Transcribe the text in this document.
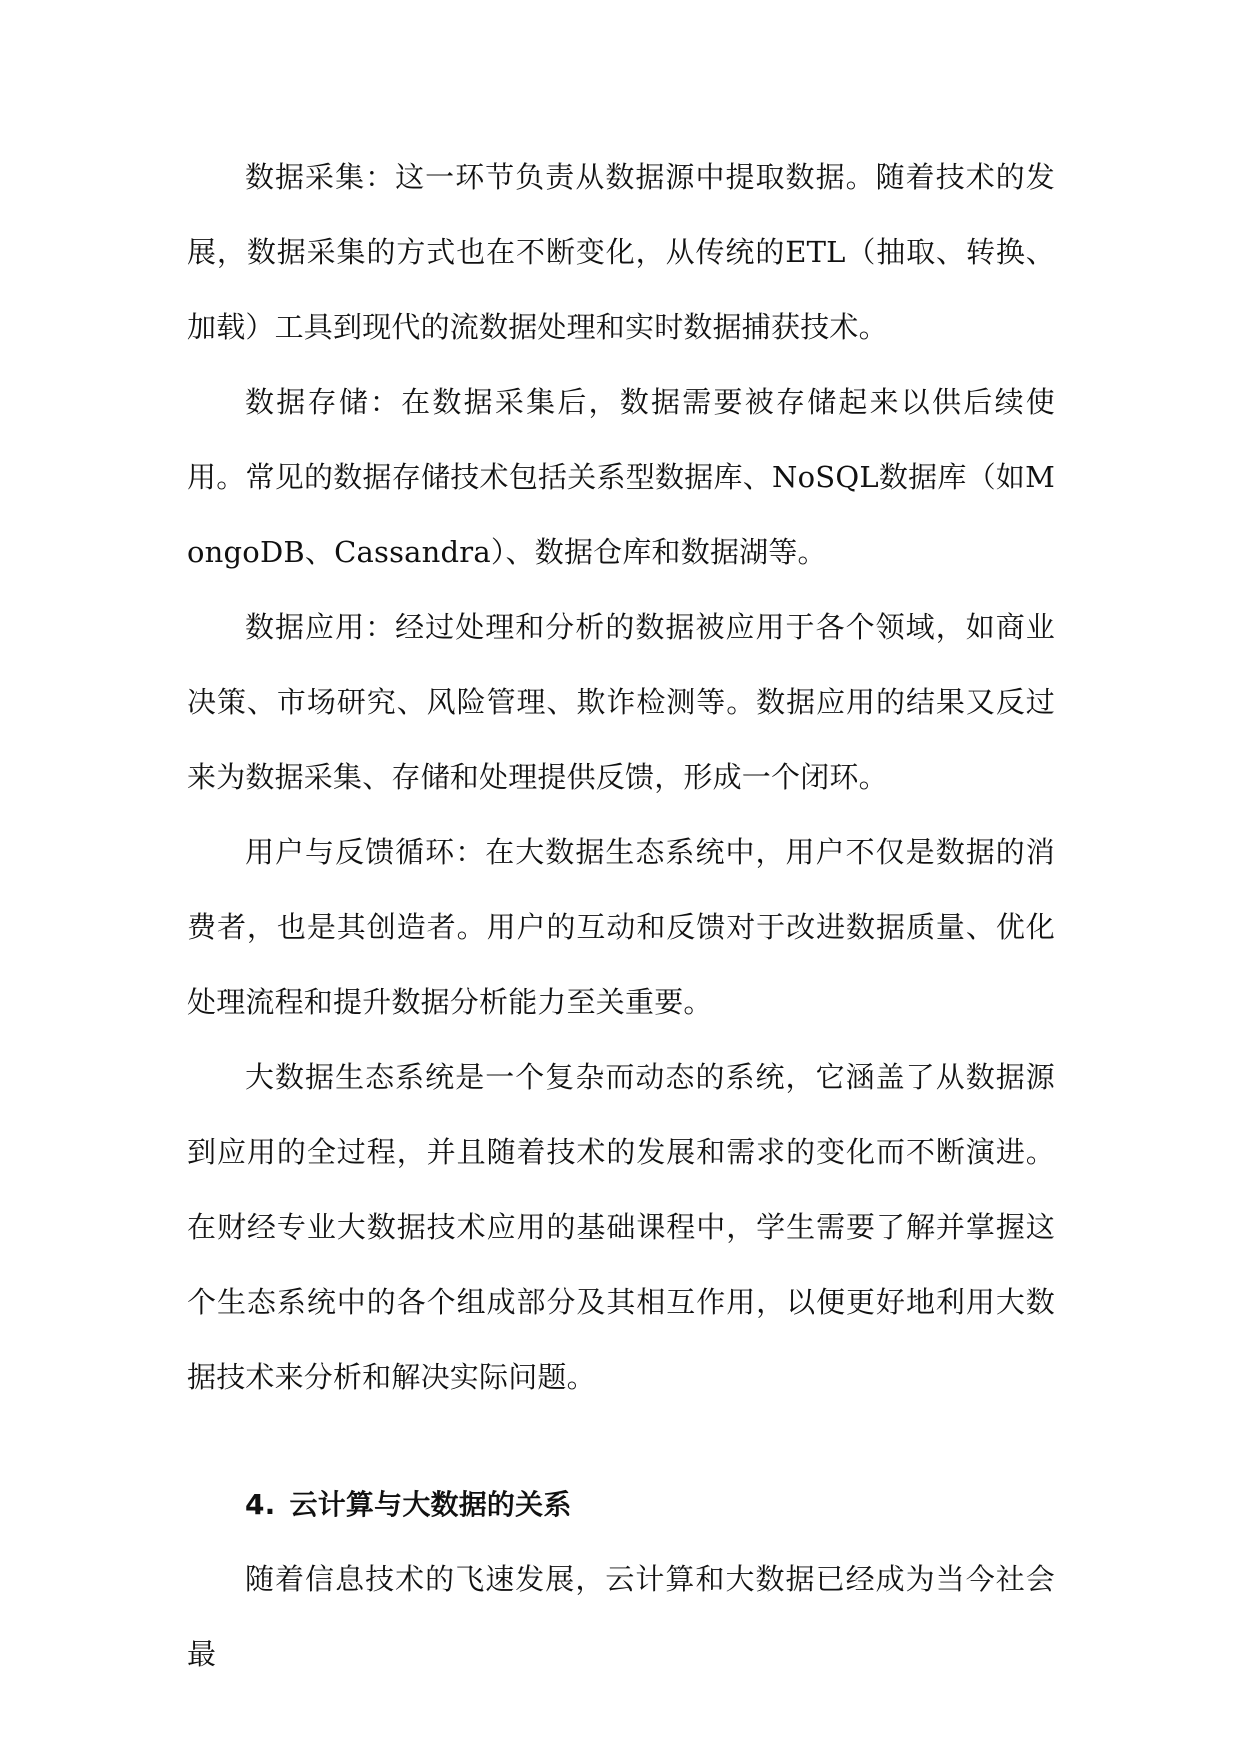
数据采集：这一环节负责从数据源中提取数据。随着技术的发展，数据采集的方式也在不断变化，从传统的ETL（抽取、转换、加载）工具到现代的流数据处理和实时数据捕获技术。

数据存储：在数据采集后，数据需要被存储起来以供后续使用。常见的数据存储技术包括关系型数据库、NoSQL数据库（如MongoDB、Cassandra）、数据仓库和数据湖等。

数据应用：经过处理和分析的数据被应用于各个领域，如商业决策、市场研究、风险管理、欺诈检测等。数据应用的结果又反过来为数据采集、存储和处理提供反馈，形成一个闭环。

用户与反馈循环：在大数据生态系统中，用户不仅是数据的消费者，也是其创造者。用户的互动和反馈对于改进数据质量、优化处理流程和提升数据分析能力至关重要。

大数据生态系统是一个复杂而动态的系统，它涵盖了从数据源到应用的全过程，并且随着技术的发展和需求的变化而不断演进。在财经专业大数据技术应用的基础课程中，学生需要了解并掌握这个生态系统中的各个组成部分及其相互作用，以便更好地利用大数据技术来分析和解决实际问题。

4. 云计算与大数据的关系

随着信息技术的飞速发展，云计算和大数据已经成为当今社会最
